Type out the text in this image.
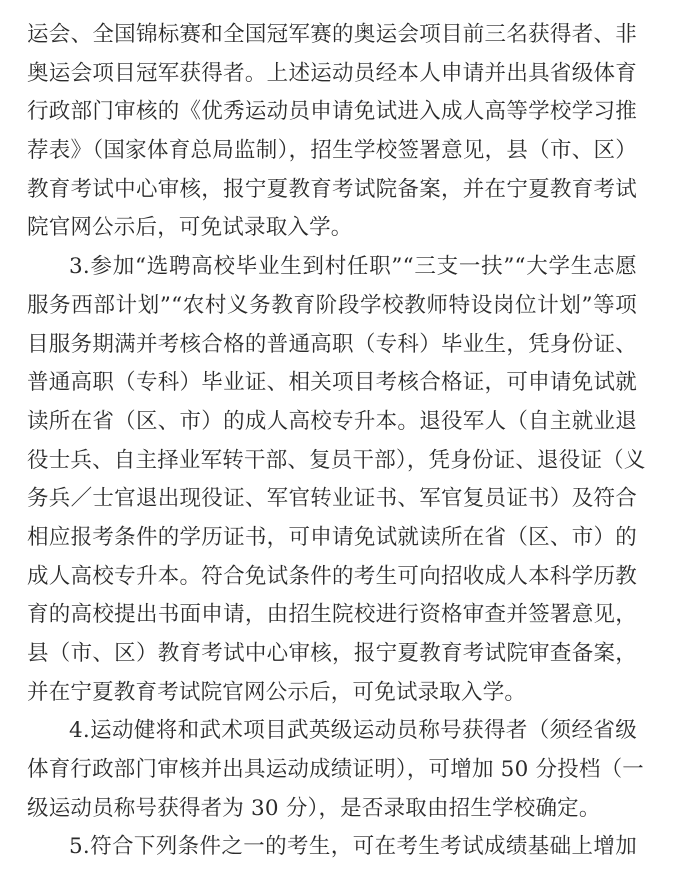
运会、全国锦标赛和全国冠军赛的奥运会项目前三名获得者、非
奥运会项目冠军获得者。上述运动员经本人申请并出具省级体育
行政部门审核的《优秀运动员申请免试进入成人高等学校学习推
荐表》（国家体育总局监制），招生学校签署意见，县（市、区）
教育考试中心审核，报宁夏教育考试院备案，并在宁夏教育考试
院官网公示后，可免试录取入学。
3.参加“选聘高校毕业生到村任职”“三支一扶”“大学生志愿
服务西部计划”“农村义务教育阶段学校教师特设岗位计划”等项
目服务期满并考核合格的普通高职（专科）毕业生，凭身份证、
普通高职（专科）毕业证、相关项目考核合格证，可申请免试就
读所在省（区、市）的成人高校专升本。退役军人（自主就业退
役士兵、自主择业军转干部、复员干部），凭身份证、退役证（义
务兵／士官退出现役证、军官转业证书、军官复员证书）及符合
相应报考条件的学历证书，可申请免试就读所在省（区、市）的
成人高校专升本。符合免试条件的考生可向招收成人本科学历教
育的高校提出书面申请，由招生院校进行资格审查并签署意见，
县（市、区）教育考试中心审核，报宁夏教育考试院审查备案，
并在宁夏教育考试院官网公示后，可免试录取入学。
4.运动健将和武术项目武英级运动员称号获得者（须经省级
体育行政部门审核并出具运动成绩证明），可增加 50 分投档（一
级运动员称号获得者为 30 分），是否录取由招生学校确定。
5.符合下列条件之一的考生，可在考生考试成绩基础上增加
